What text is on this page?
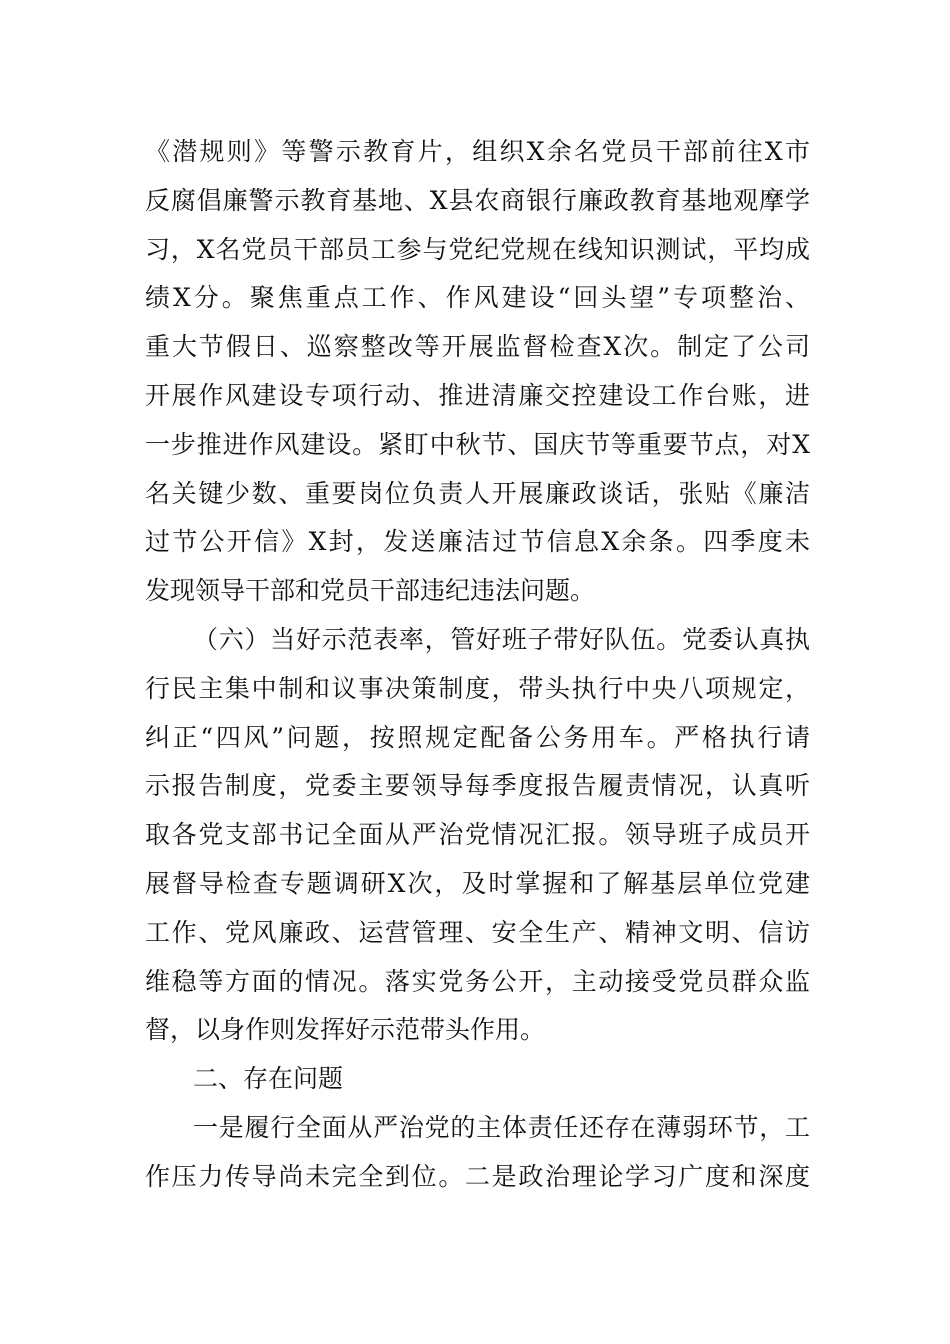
《潜规则》等警示教育片，组织X余名党员干部前往X市
反腐倡廉警示教育基地、X县农商银行廉政教育基地观摩学
习，X名党员干部员工参与党纪党规在线知识测试，平均成
绩X分。聚焦重点工作、作风建设“回头望”专项整治、
重大节假日、巡察整改等开展监督检查X次。制定了公司
开展作风建设专项行动、推进清廉交控建设工作台账，进
一步推进作风建设。紧盯中秋节、国庆节等重要节点，对X
名关键少数、重要岗位负责人开展廉政谈话，张贴《廉洁
过节公开信》X封，发送廉洁过节信息X余条。四季度未
发现领导干部和党员干部违纪违法问题。
（六）当好示范表率，管好班子带好队伍。党委认真执
行民主集中制和议事决策制度，带头执行中央八项规定，
纠正“四风”问题，按照规定配备公务用车。严格执行请
示报告制度，党委主要领导每季度报告履责情况，认真听
取各党支部书记全面从严治党情况汇报。领导班子成员开
展督导检查专题调研X次，及时掌握和了解基层单位党建
工作、党风廉政、运营管理、安全生产、精神文明、信访
维稳等方面的情况。落实党务公开，主动接受党员群众监
督，以身作则发挥好示范带头作用。
二、存在问题
一是履行全面从严治党的主体责任还存在薄弱环节，工
作压力传导尚未完全到位。二是政治理论学习广度和深度
